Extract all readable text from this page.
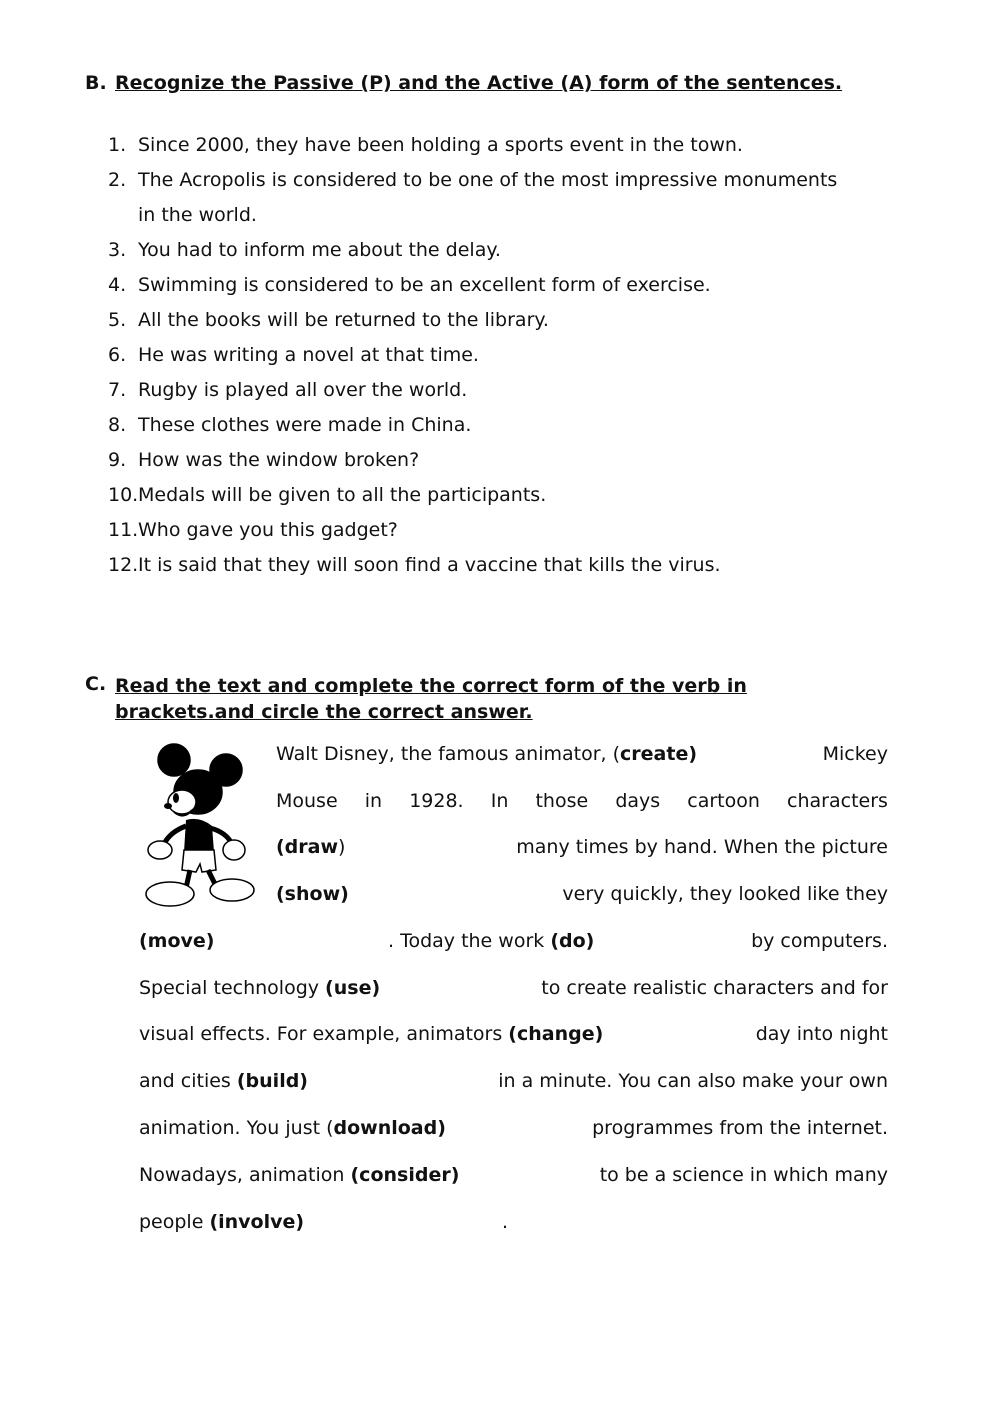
B. Recognize the Passive (P) and the Active (A) form of the sentences.
1. Since 2000, they have been holding a sports event in the town.
2. The Acropolis is considered to be one of the most impressive monuments
in the world.
3. You had to inform me about the delay.
4. Swimming is considered to be an excellent form of exercise.
5. All the books will be returned to the library.
6. He was writing a novel at that time.
7. Rugby is played all over the world.
8. These clothes were made in China.
9. How was the window broken?
10.Medals will be given to all the participants.
11.Who gave you this gadget?
12.It is said that they will soon find a vaccine that kills the virus.
C. Read the text and complete the correct form of the verb in brackets.and circle the correct answer.
Walt Disney, the famous animator, (create)	Mickey
Mouse in 1928. In those days cartoon characters
(draw)	many times by hand. When the picture
(show)	very quickly, they looked like they
(move)	. Today the work (do)	by computers.
Special technology (use)	to create realistic characters and for
visual effects. For example, animators (change)	day into night
and cities (build)	in a minute. You can also make your own
animation. You just (download)	programmes from the internet.
Nowadays, animation (consider)	to be a science in which many
people (involve)	.
